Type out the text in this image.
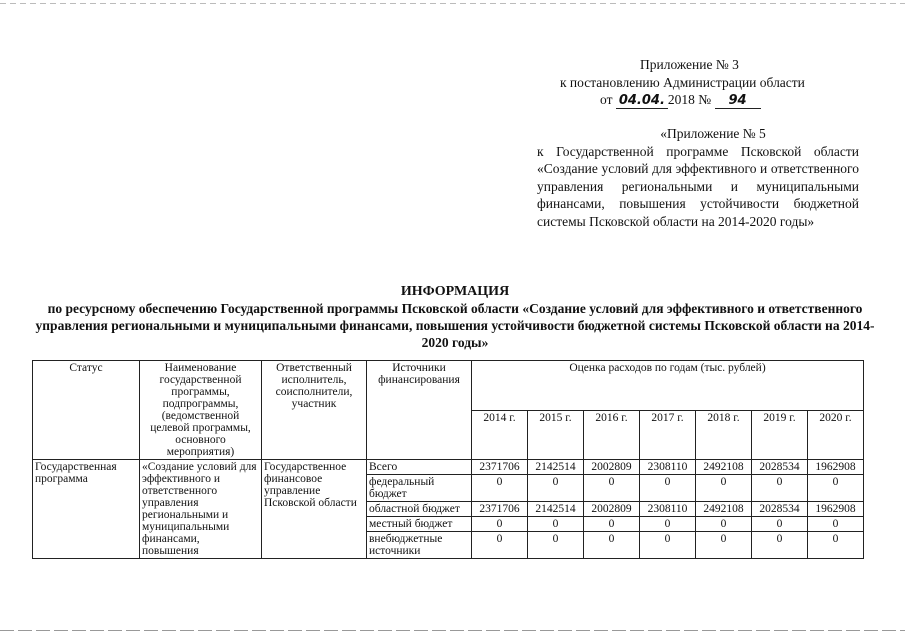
Приложение № 3
к постановлению Администрации области
от 04.04. 2018 № 94
«Приложение № 5
к Государственной программе Псковской области «Создание условий для эффективного и ответственного управления региональными и муниципальными финансами, повышения устойчивости бюджетной системы Псковской области на 2014-2020 годы»
ИНФОРМАЦИЯ
по ресурсному обеспечению Государственной программы Псковской области «Создание условий для эффективного и ответственного управления региональными и муниципальными финансами, повышения устойчивости бюджетной системы Псковской области на 2014-2020 годы»
Статус	Наименование государственной программы, подпрограммы, (ведомственной целевой программы, основного мероприятия)	Ответственный исполнитель, соисполнители, участник	Источники финансирования	Оценка расходов по годам (тыс. рублей)						
				2014 г.	2015 г.	2016 г.	2017 г.	2018 г.	2019 г.	2020 г.
Государственная программа	«Создание условий для эффективного и ответственного управления региональными и муниципальными финансами, повышения	Государственное финансовое управление Псковской области	Всего	2371706	2142514	2002809	2308110	2492108	2028534	1962908
			федеральный бюджет	0	0	0	0	0	0	0
			областной бюджет	2371706	2142514	2002809	2308110	2492108	2028534	1962908
			местный бюджет	0	0	0	0	0	0	0
			внебюджетные источники	0	0	0	0	0	0	0
